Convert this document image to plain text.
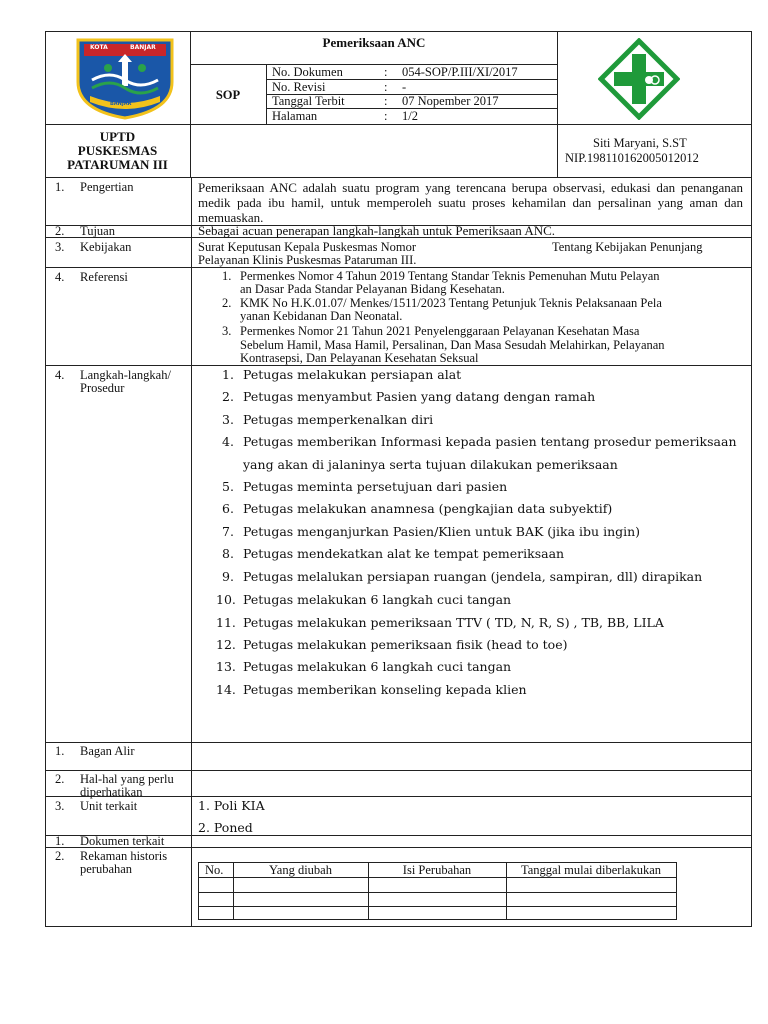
KOTA	BANJAR
BANJAR
Pemeriksaan ANC
SOP
No. Dokumen	: 054-SOP/P.III/XI/2017
No. Revisi	: -
Tanggal Terbit	: 07 Nopember 2017
Halaman	: 1/2
UPTD
PUSKESMAS
PATARUMAN III
Siti Maryani, S.ST
NIP.198110162005012012
1. Pengertian	Pemeriksaan ANC adalah suatu program yang terencana berupa observasi, edukasi dan penanganan medik pada ibu hamil, untuk memperoleh suatu proses kehamilan dan persalinan yang aman dan memuaskan.
2. Tujuan	Sebagai acuan penerapan langkah-langkah untuk Pemeriksaan ANC.
3. Kebijakan	Surat Keputusan Kepala Puskesmas Nomor	Tentang Kebijakan Penunjang
Pelayanan Klinis Puskesmas Pataruman III.
4. Referensi	1. Permenkes Nomor 4 Tahun 2019 Tentang Standar Teknis Pemenuhan Mutu Pelayan
an Dasar Pada Standar Pelayanan Bidang Kesehatan.
2. KMK No H.K.01.07/ Menkes/1511/2023 Tentang Petunjuk Teknis Pelaksanaan Pela
yanan Kebidanan Dan Neonatal.
3. Permenkes Nomor 21 Tahun 2021 Penyelenggaraan Pelayanan Kesehatan Masa
Sebelum Hamil, Masa Hamil, Persalinan, Dan Masa Sesudah Melahirkan, Pelayanan
Kontrasepsi, Dan Pelayanan Kesehatan Seksual
4. Langkah-langkah/
Prosedur
1. Petugas melakukan persiapan alat
2. Petugas menyambut Pasien yang datang dengan ramah
3. Petugas memperkenalkan diri
4. Petugas memberikan Informasi kepada pasien tentang prosedur pemeriksaan
yang akan di jalaninya serta tujuan dilakukan pemeriksaan
5. Petugas meminta persetujuan dari pasien
6. Petugas melakukan anamnesa (pengkajian data subyektif)
7. Petugas menganjurkan Pasien/Klien untuk BAK (jika ibu ingin)
8. Petugas mendekatkan alat ke tempat pemeriksaan
9. Petugas melalukan persiapan ruangan (jendela, sampiran, dll) dirapikan
10. Petugas melakukan 6 langkah cuci tangan
11. Petugas melakukan pemeriksaan TTV ( TD, N, R, S) , TB, BB, LILA
12. Petugas melakukan pemeriksaan fisik (head to toe)
13. Petugas melakukan 6 langkah cuci tangan
14. Petugas memberikan konseling kepada klien
1. Bagan Alir
2. Hal-hal yang perlu
diperhatikan
3. Unit terkait	1. Poli KIA
2. Poned
1. Dokumen terkait
2. Rekaman historis
perubahan	No.	Yang diubah	Isi Perubahan	Tanggal mulai diberlakukan
